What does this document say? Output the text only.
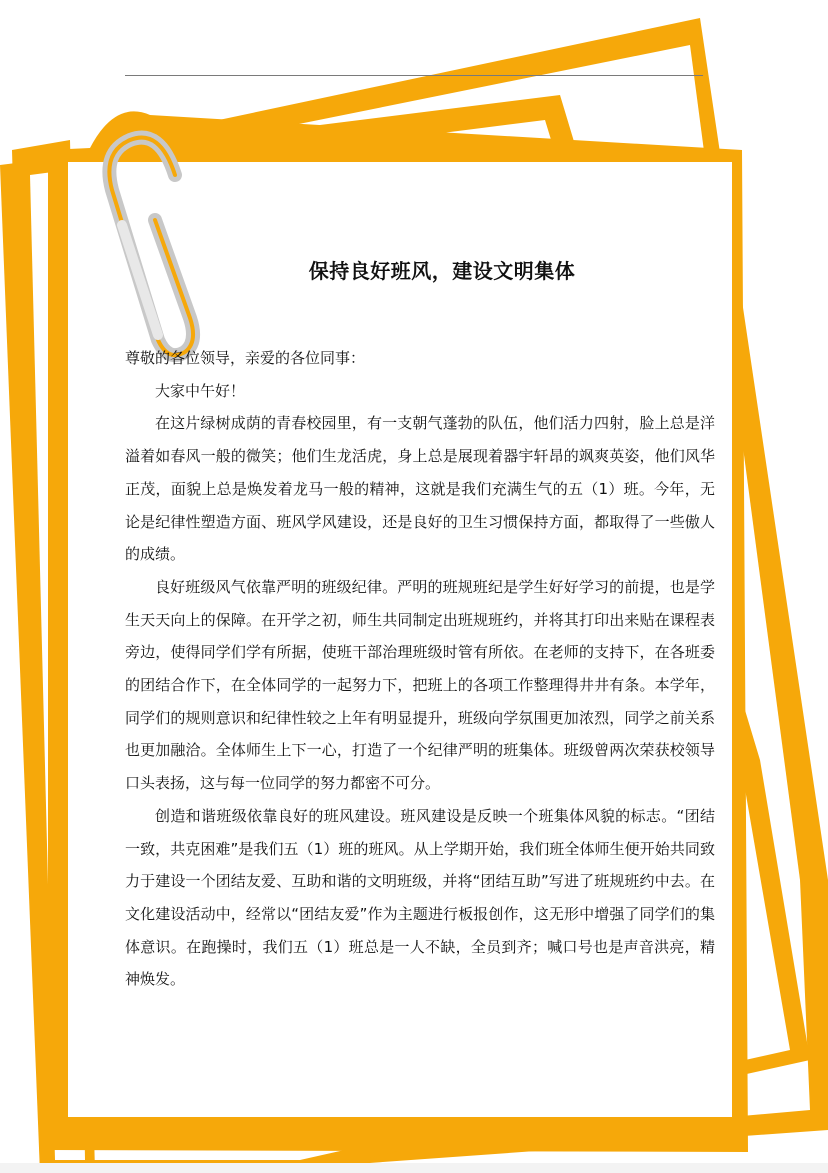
保持良好班风，建设文明集体

尊敬的各位领导，亲爱的各位同事：

大家中午好！

在这片绿树成荫的青春校园里，有一支朝气蓬勃的队伍，他们活力四射，脸上总是洋溢着如春风一般的微笑；他们生龙活虎，身上总是展现着器宇轩昂的飒爽英姿，他们风华正茂，面貌上总是焕发着龙马一般的精神，这就是我们充满生气的五（1）班。今年，无论是纪律性塑造方面、班风学风建设，还是良好的卫生习惯保持方面，都取得了一些傲人的成绩。

良好班级风气依靠严明的班级纪律。严明的班规班纪是学生好好学习的前提，也是学生天天向上的保障。在开学之初，师生共同制定出班规班约，并将其打印出来贴在课程表旁边，使得同学们学有所据，使班干部治理班级时管有所依。在老师的支持下，在各班委的团结合作下，在全体同学的一起努力下，把班上的各项工作整理得井井有条。本学年，同学们的规则意识和纪律性较之上年有明显提升，班级向学氛围更加浓烈，同学之前关系也更加融洽。全体师生上下一心，打造了一个纪律严明的班集体。班级曾两次荣获校领导口头表扬，这与每一位同学的努力都密不可分。

创造和谐班级依靠良好的班风建设。班风建设是反映一个班集体风貌的标志。“团结一致，共克困难”是我们五（1）班的班风。从上学期开始，我们班全体师生便开始共同致力于建设一个团结友爱、互助和谐的文明班级，并将“团结互助”写进了班规班约中去。在文化建设活动中，经常以“团结友爱”作为主题进行板报创作，这无形中增强了同学们的集体意识。在跑操时，我们五（1）班总是一人不缺，全员到齐；喊口号也是声音洪亮，精神焕发。
